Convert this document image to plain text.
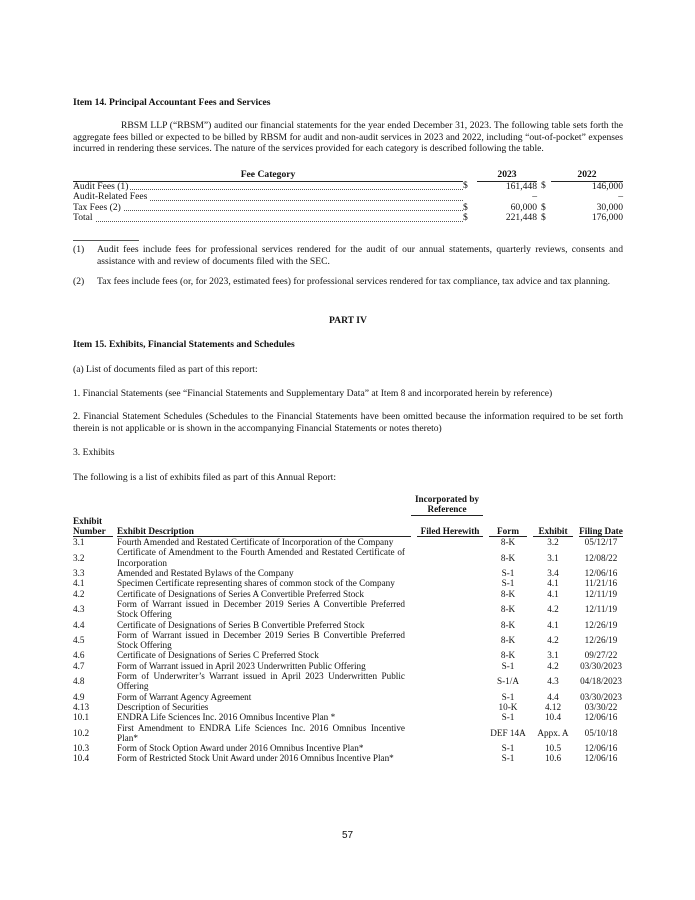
Item 14. Principal Accountant Fees and Services
RBSM LLP (“RBSM”) audited our financial statements for the year ended December 31, 2023. The following table sets forth the aggregate fees billed or expected to be billed by RBSM for audit and non-audit services in 2023 and 2022, including “out-of-pocket” expenses incurred in rendering these services. The nature of the services provided for each category is described following the table.
Fee Category		2023		2022

Audit Fees (1)	$	161,448	$	146,000

Audit-Related Fees		–		–

Tax Fees (2)	$	60,000	$	30,000

Total	$	221,448	$	176,000
(1)	Audit fees include fees for professional services rendered for the audit of our annual statements, quarterly reviews, consents and assistance with and review of documents filed with the SEC.
(2)	Tax fees include fees (or, for 2023, estimated fees) for professional services rendered for tax compliance, tax advice and tax planning.
PART IV
Item 15. Exhibits, Financial Statements and Schedules
(a) List of documents filed as part of this report:
1. Financial Statements (see “Financial Statements and Supplementary Data” at Item 8 and incorporated herein by reference)
2. Financial Statement Schedules (Schedules to the Financial Statements have been omitted because the information required to be set forth therein is not applicable or is shown in the accompanying Financial Statements or notes thereto)
3. Exhibits
The following is a list of exhibits filed as part of this Annual Report:
		Incorporated by Reference			
Exhibit Number	Exhibit Description	Filed Herewith	Form	Exhibit	Filing Date
3.1	Fourth Amended and Restated Certificate of Incorporation of the Company		8-K	3.2	05/12/17
3.2	Certificate of Amendment to the Fourth Amended and Restated Certificate of Incorporation		8-K	3.1	12/08/22
3.3	Amended and Restated Bylaws of the Company		S-1	3.4	12/06/16
4.1	Specimen Certificate representing shares of common stock of the Company		S-1	4.1	11/21/16
4.2	Certificate of Designations of Series A Convertible Preferred Stock		8-K	4.1	12/11/19
4.3	Form of Warrant issued in December 2019 Series A Convertible Preferred Stock Offering		8-K	4.2	12/11/19
4.4	Certificate of Designations of Series B Convertible Preferred Stock		8-K	4.1	12/26/19
4.5	Form of Warrant issued in December 2019 Series B Convertible Preferred Stock Offering		8-K	4.2	12/26/19
4.6	Certificate of Designations of Series C Preferred Stock		8-K	3.1	09/27/22
4.7	Form of Warrant issued in April 2023 Underwritten Public Offering		S-1	4.2	03/30/2023
4.8	Form of Underwriter’s Warrant issued in April 2023 Underwritten Public Offering		S-1/A	4.3	04/18/2023
4.9	Form of Warrant Agency Agreement		S-1	4.4	03/30/2023
4.13	Description of Securities		10-K	4.12	03/30/22
10.1	ENDRA Life Sciences Inc. 2016 Omnibus Incentive Plan *		S-1	10.4	12/06/16
10.2	First Amendment to ENDRA Life Sciences Inc. 2016 Omnibus Incentive Plan*		DEF 14A	Appx. A	05/10/18
10.3	Form of Stock Option Award under 2016 Omnibus Incentive Plan*		S-1	10.5	12/06/16
10.4	Form of Restricted Stock Unit Award under 2016 Omnibus Incentive Plan*		S-1	10.6	12/06/16
57
